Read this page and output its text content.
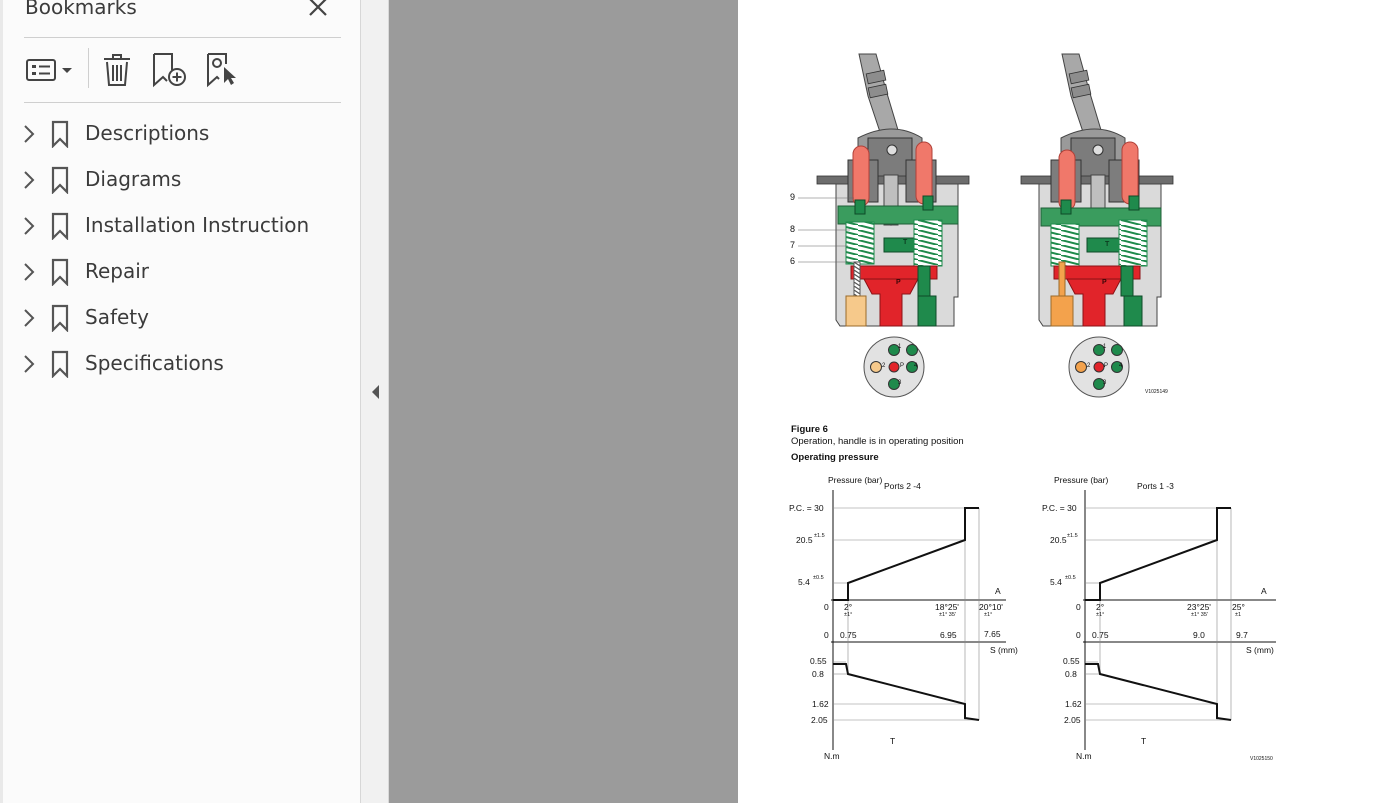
Bookmarks
Descriptions
Diagrams
Installation Instruction
Repair
Safety
Specifications
9
8
7
6
T
P
T
P
1
2
3
4
P
1
2
3
4
P
V1025149
Figure 6
Operation, handle is in operating position
Operating pressure
Pressure (bar)
Ports 2 -4
P.C. = 30
20.5 ±1.5
5.4 ±0.5
A
0 2°
±1°
18°25'
±1° 35'
20°10'
±1°
0 0.75	6.95	7.65
S (mm)
0.55
0.8
1.62
2.05
T
N.m
Pressure (bar)
Ports 1 -3
P.C. = 30
20.5 ±1.5
5.4 ±0.5
A
0 2°
±1°
23°25'
±1° 35'
25°
±1
0 0.75	9.0	9.7
S (mm)
0.55
0.8
1.62
2.05
T
N.m	V1025150
